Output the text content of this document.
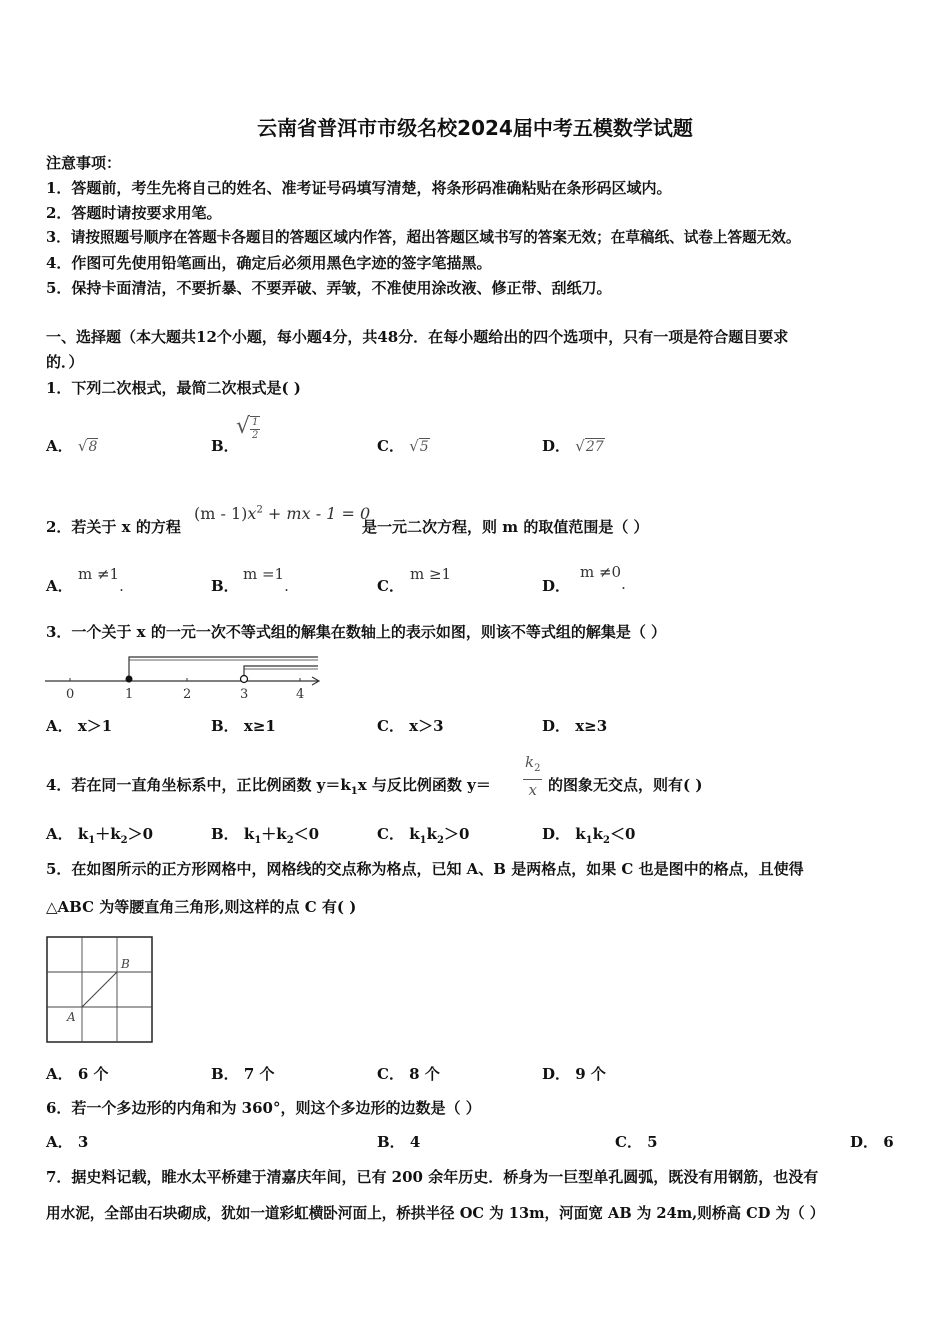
云南省普洱市市级名校2024届中考五模数学试题
注意事项：
1．答题前，考生先将自己的姓名、准考证号码填写清楚，将条形码准确粘贴在条形码区域内。
2．答题时请按要求用笔。
3．请按照题号顺序在答题卡各题目的答题区域内作答，超出答题区域书写的答案无效；在草稿纸、试卷上答题无效。
4．作图可先使用铅笔画出，确定后必须用黑色字迹的签字笔描黑。
5．保持卡面清洁，不要折暴、不要弄破、弄皱，不准使用涂改液、修正带、刮纸刀。
一、选择题（本大题共12个小题，每小题4分，共48分．在每小题给出的四个选项中，只有一项是符合题目要求
的．）
1．下列二次根式，最简二次根式是( )
A． √8	B．
√ $\frac{1}{2}$
C． √5	D． √27
2．若关于 x 的方程
$(m - 1)x^2$ + mx - 1 = 0
是一元二次方程，则 m 的取值范围是（ ）
A．
m ≠1.	B．
m =1.	C．
m ≥1
D．
m ≠0.
3．一个关于 x 的一元一次不等式组的解集在数轴上的表示如图，则该不等式组的解集是（ ）
0	1	2	3	4
A． x＞1	B． x≥1	C． x＞3	D． x≥3
4．若在同一直角坐标系中，正比例函数 $y=k_1x$ 与反比例函数 $y= \frac{k_2}{x}$ 的图象无交点，则有( )
A． $k_1+k_2>0$	B． $k_1+k_2<0$	C． $k_1k_2>0$	D． $k_1k_2<0$
5．在如图所示的正方形网格中，网格线的交点称为格点，已知 A、B 是两格点，如果 C 也是图中的格点，且使得
△ABC 为等腰直角三角形,则这样的点 C 有( )
B
A
A． 6 个	B． 7 个	C． 8 个	D． 9 个
6．若一个多边形的内角和为 360°，则这个多边形的边数是（ ）
A． 3	B． 4	C． 5	D． 6
7．据史料记载，睢水太平桥建于清嘉庆年间，已有 200 余年历史．桥身为一巨型单孔圆弧，既没有用钢筋，也没有
用水泥，全部由石块砌成，犹如一道彩虹横卧河面上，桥拱半径 OC 为 13m，河面宽 AB 为 24m,则桥高 CD 为（ ）
